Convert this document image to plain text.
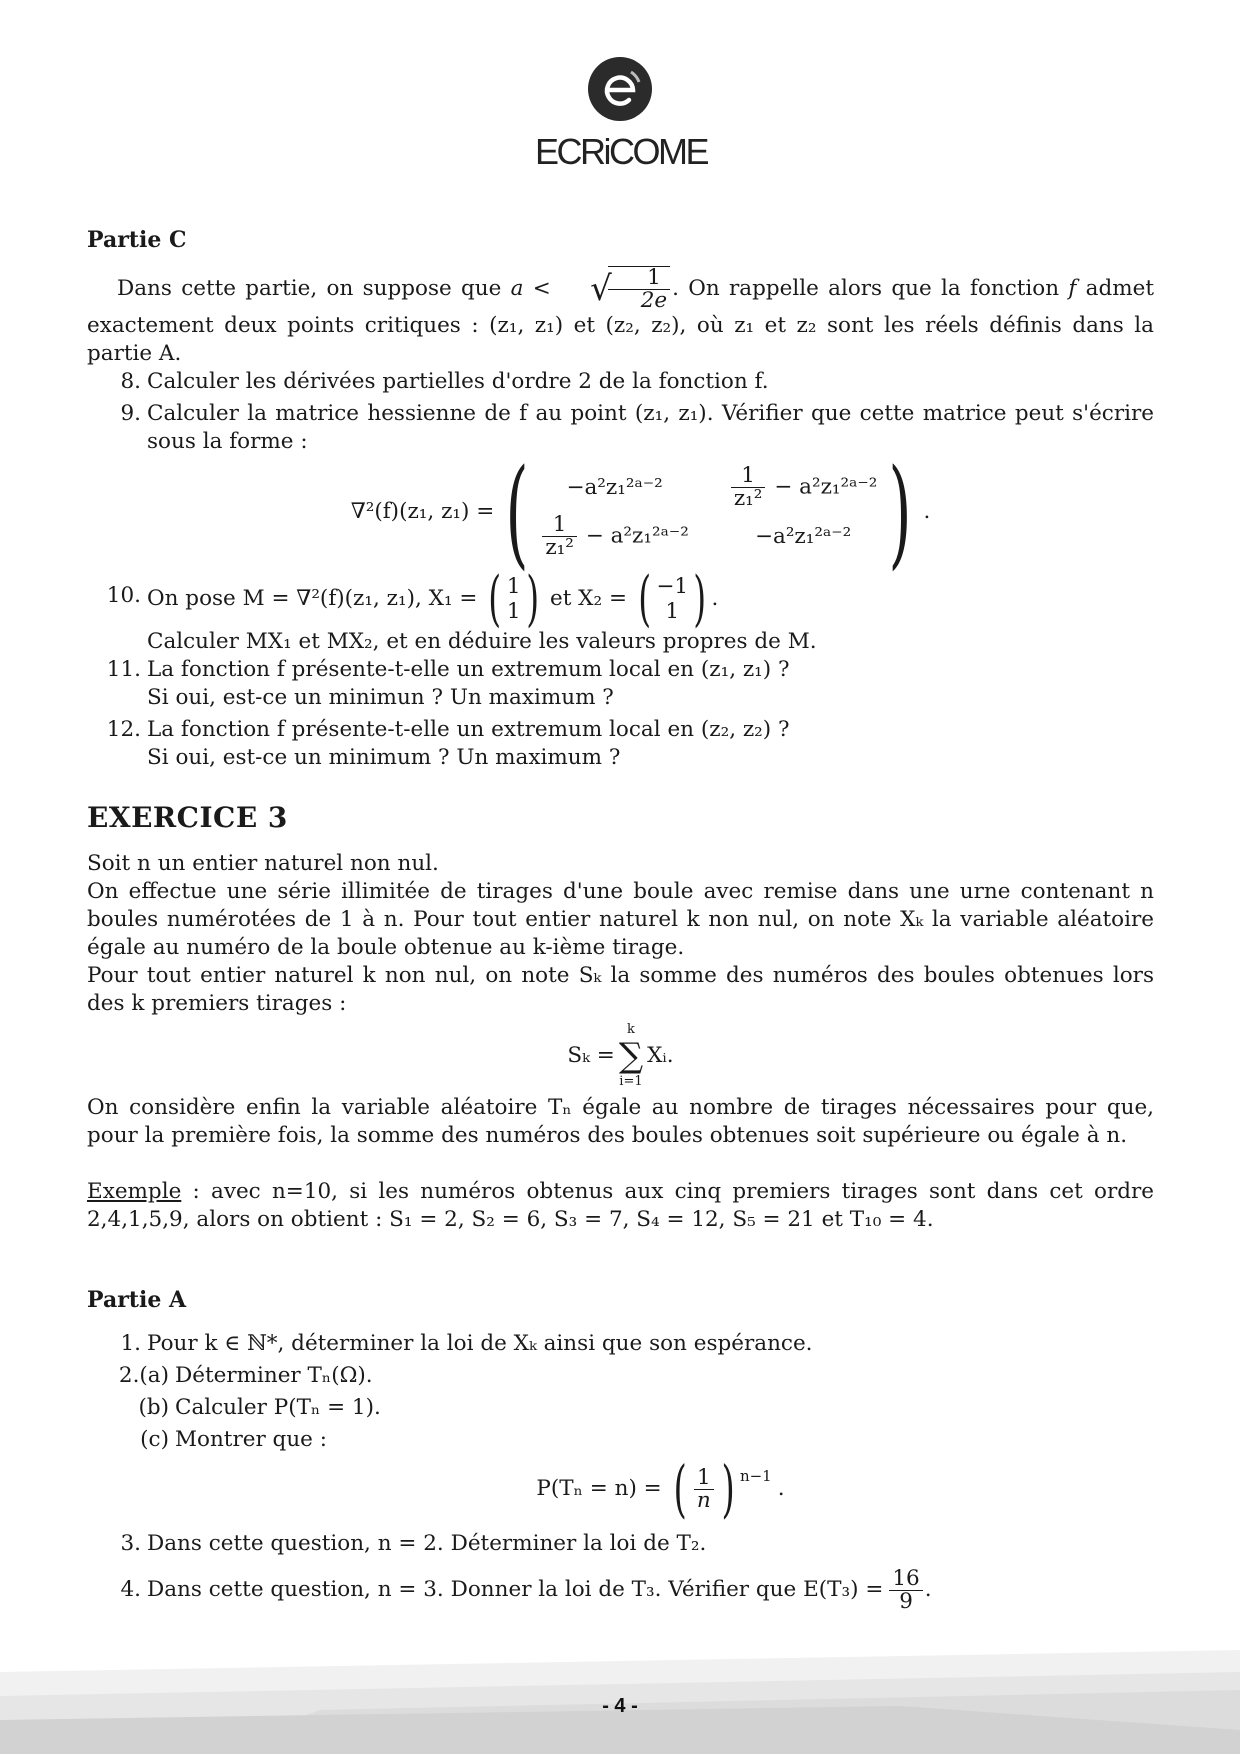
ECRiCOME
Partie C

Dans cette partie, on suppose que a < √
$\frac{1}{2e}$ . On rappelle alors que la fonction f admet exactement deux points critiques : (z₁, z₁) et (z₂, z₂), où z₁ et z₂ sont les réels définis dans la partie A.

8. Calculer les dérivées partielles d'ordre 2 de la fonction f.
9. Calculer la matrice hessienne de f au point (z₁, z₁). Vérifier que cette matrice peut s'écrire sous la forme :

∇²(f)(z₁, z₁) = (	−a²z₁²ᵃ⁻²	$\frac{1}{\text{z₁²}}$ − a²z₁²ᵃ⁻²
$\frac{1}{\text{z₁²}}$ − a²z₁²ᵃ⁻²	−a²z₁²ᵃ⁻² ) .
10. On pose M = ∇²(f)(z₁, z₁), X₁ = ( 1
1 ) et X₂ = ( −1
1 ) .
Calculer MX₁ et MX₂, et en déduire les valeurs propres de M.
11. La fonction f présente-t-elle un extremum local en (z₁, z₁) ?
Si oui, est-ce un minimun ? Un maximum ?
12. La fonction f présente-t-elle un extremum local en (z₂, z₂) ?
Si oui, est-ce un minimum ? Un maximum ?
EXERCICE 3

Soit n un entier naturel non nul.

On effectue une série illimitée de tirages d'une boule avec remise dans une urne contenant n boules numérotées de 1 à n. Pour tout entier naturel k non nul, on note Xₖ la variable aléatoire égale au numéro de la boule obtenue au k-ième tirage.

Pour tout entier naturel k non nul, on note Sₖ la somme des numéros des boules obtenues lors des k premiers tirages :

Sₖ =
k
∑
i=1
Xᵢ.

On considère enfin la variable aléatoire Tₙ égale au nombre de tirages nécessaires pour que, pour la première fois, la somme des numéros des boules obtenues soit supérieure ou égale à n.

Exemple : avec n=10, si les numéros obtenus aux cinq premiers tirages sont dans cet ordre 2,4,1,5,9, alors on obtient : S₁ = 2, S₂ = 6, S₃ = 7, S₄ = 12, S₅ = 21 et T₁₀ = 4.

Partie A
1. Pour k ∈ ℕ*, déterminer la loi de Xₖ ainsi que son espérance.
2.(a) Déterminer Tₙ(Ω).
(b) Calculer P(Tₙ = 1).
(c) Montrer que :
P(Tₙ = n) = ( $\frac{1}{n}$ ) n−1 .
3. Dans cette question, n = 2. Déterminer la loi de T₂.
4. Dans cette question, n = 3. Donner la loi de T₃. Vérifier que $E(T_3) = \frac{16}{9}$ .
- 4 -
